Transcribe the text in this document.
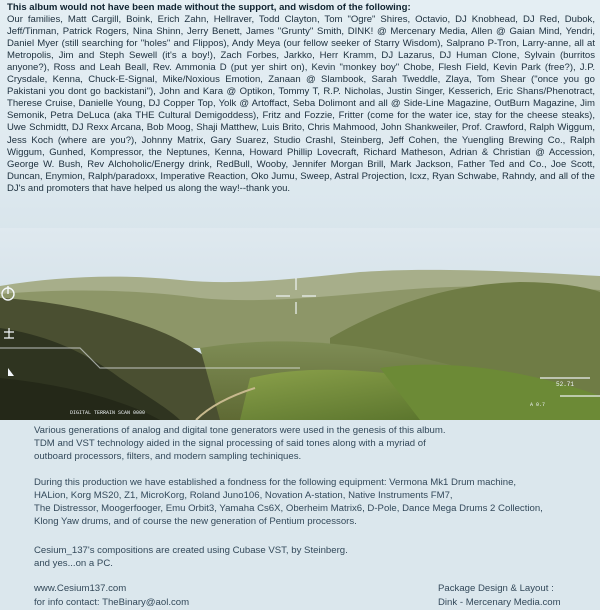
This album would not have been made without the support, and wisdom of the following:
Our families, Matt Cargill, Boink, Erich Zahn, Hellraver, Todd Clayton, Tom "Ogre" Shires, Octavio, DJ Knobhead, DJ Red, Dubok, Jeff/Tinman, Patrick Rogers, Nina Shinn, Jerry Benett, James "Grunty" Smith, DINK! @ Mercenary Media, Allen @ Gaian Mind, Yendri, Daniel Myer (still searching for "holes" and Flippos), Andy Meya (our fellow seeker of Starry Wisdom), Salprano P-Tron, Larry-anne, all at Metropolis, Jim and Steph Sewell (it's a boy!), Zach Forbes, Jarkko, Herr Kramm, DJ Lazarus, DJ Human Clone, Sylvain (burritos anyone?), Ross and Leah Beall, Rev. Ammonia D (put yer shirt on), Kevin "monkey boy" Chobe, Flesh Field, Kevin Park (free?), J.P. Crysdale, Kenna, Chuck-E-Signal, Mike/Noxious Emotion, Zanaan @ Slambook, Sarah Tweddle, Zlaya, Tom Shear ("once you go Pakistani you dont go backistani"), John and Kara @ Optikon, Tommy T, R.P. Nicholas, Justin Singer, Kesserich, Eric Shans/Phenotract, Therese Cruise, Danielle Young, DJ Copper Top, Yolk @ Artoffact, Seba Dolimont and all @ Side-Line Magazine, OutBurn Magazine, Jim Semonik, Petra DeLuca (aka THE Cultural Demigoddess), Fritz and Fozzie, Fritter (come for the water ice, stay for the cheese steaks), Uwe Schmidtt, DJ Rexx Arcana, Bob Moog, Shaji Matthew, Luis Brito, Chris Mahmood, John Shankweiler, Prof. Crawford, Ralph Wiggum, Jess Koch (where are you?), Johnny Matrix, Gary Suarez, Studio Crashl, Steinberg, Jeff Cohen, the Yuengling Brewing Co., Ralph Wiggum, Gunhed, Kompressor, the Neptunes, Kenna, Howard Phillip Lovecraft, Richard Matheson, Adrian & Christian @ Accession, George W. Bush, Rev Alchoholic/Energy drink, RedBull, Wooby, Jennifer Morgan Brill, Mark Jackson, Father Ted and Co., Joe Scott, Duncan, Enymion, Ralph/paradoxx, Imperative Reaction, Oko Jumu, Sweep, Astral Projection, Icxz, Ryan Schwabe, Rahndy, and all of the DJ's and promoters that have helped us along the way!--thank you.
DIGITAL TERRAIN SCAN 0000
52.71
A 0.7
Various generations of analog and digital tone generators were used in the genesis of this album.
TDM and VST technology aided in the signal processing of said tones along with a myriad of
outboard processors, filters, and modern sampling techiniques.
During this production we have established a fondness for the following equipment: Vermona Mk1 Drum machine,
HALion, Korg MS20, Z1, MicroKorg, Roland Juno106, Novation A-station, Native Instruments FM7,
The Distressor, Moogerfooger, Emu Orbit3, Yamaha Cs6X, Oberheim Matrix6, D-Pole, Dance Mega Drums 2 Collection,
Klong Yaw drums, and of course the new generation of Pentium processors.
Cesium_137's compositions are created using Cubase VST, by Steinberg.
and yes...on a PC.
www.Cesium137.com
for info contact: TheBinary@aol.com
Package Design & Layout :
Dink - Mercenary Media.com
